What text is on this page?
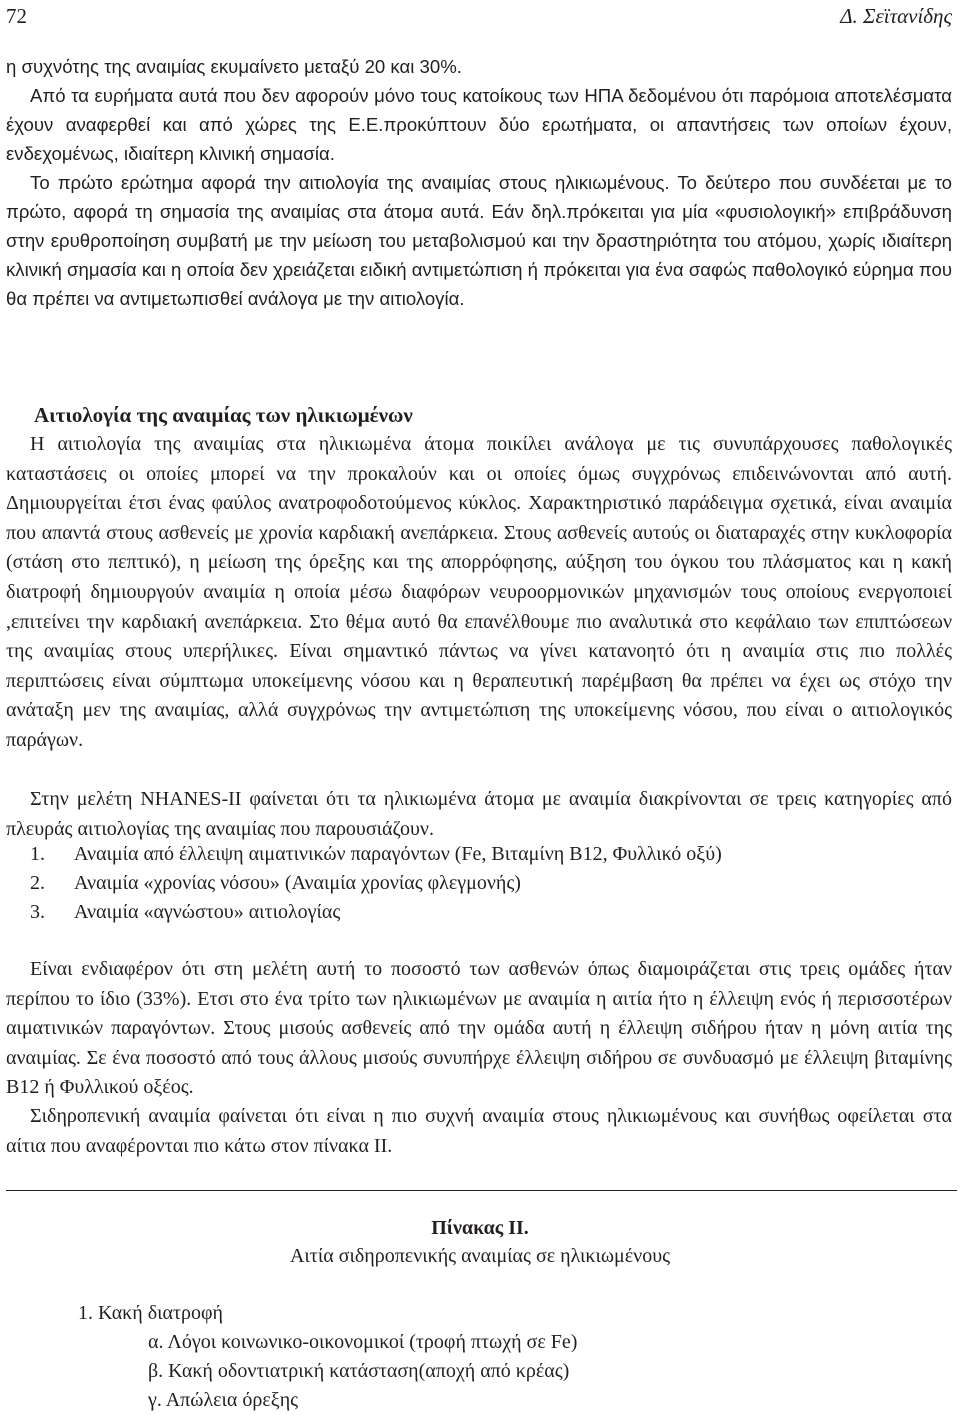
72	Δ. Σεϊτανίδης

η συχνότης της αναιμίας εκυμαίνετο μεταξύ 20 και 30%.

Από τα ευρήματα αυτά που δεν αφορούν μόνο τους κατοίκους των ΗΠΑ δεδομένου ότι παρόμοια αποτελέσματα έχουν αναφερθεί και από χώρες της Ε.Ε.προκύπτουν δύο ερωτήματα, οι απαντήσεις των οποίων έχουν, ενδεχομένως, ιδιαίτερη κλινική σημασία.

Το πρώτο ερώτημα αφορά την αιτιολογία της αναιμίας στους ηλικιωμένους. Το δεύτερο που συνδέεται με το πρώτο, αφορά τη σημασία της αναιμίας στα άτομα αυτά. Εάν δηλ.πρόκειται για μία «φυσιολογική» επιβράδυνση στην ερυθροποίηση συμβατή με την μείωση του μεταβολισμού και την δραστηριότητα του ατόμου, χωρίς ιδιαίτερη κλινική σημασία και η οποία δεν χρειάζεται ειδική αντιμετώπιση ή πρόκειται για ένα σαφώς παθολογικό εύρημα που θα πρέπει να αντιμετωπισθεί ανάλογα με την αιτιολογία.

Αιτιολογία της αναιμίας των ηλικιωμένων

Η αιτιολογία της αναιμίας στα ηλικιωμένα άτομα ποικίλει ανάλογα με τις συνυπάρχουσες παθολογικές καταστάσεις οι οποίες μπορεί να την προκαλούν και οι οποίες όμως συγχρόνως επιδεινώνονται από αυτή. Δημιουργείται έτσι ένας φαύλος ανατροφοδοτούμενος κύκλος. Χαρακτηριστικό παράδειγμα σχετικά, είναι αναιμία που απαντά στους ασθενείς με χρονία καρδιακή ανεπάρκεια. Στους ασθενείς αυτούς οι διαταραχές στην κυκλοφορία (στάση στο πεπτικό), η μείωση της όρεξης και της απορρόφησης, αύξηση του όγκου του πλάσματος και η κακή διατροφή δημιουργούν αναιμία η οποία μέσω διαφόρων νευροορμονικών μηχανισμών τους οποίους ενεργοποιεί ,επιτείνει την καρδιακή ανεπάρκεια. Στο θέμα αυτό θα επανέλθουμε πιο αναλυτικά στο κεφάλαιο των επιπτώσεων της αναιμίας στους υπερήλικες. Είναι σημαντικό πάντως να γίνει κατανοητό ότι η αναιμία στις πιο πολλές περιπτώσεις είναι σύμπτωμα υποκείμενης νόσου και η θεραπευτική παρέμβαση θα πρέπει να έχει ως στόχο την ανάταξη μεν της αναιμίας, αλλά συγχρόνως την αντιμετώπιση της υποκείμενης νόσου, που είναι ο αιτιολογικός παράγων.

Στην μελέτη NHANES-II φαίνεται ότι τα ηλικιωμένα άτομα με αναιμία διακρίνονται σε τρεις κατηγορίες από πλευράς αιτιολογίας της αναιμίας που παρουσιάζουν.

1.	Αναιμία από έλλειψη αιματινικών παραγόντων (Fe, Βιταμίνη Β12, Φυλλικό οξύ)
2.	Αναιμία «χρονίας νόσου» (Αναιμία χρονίας φλεγμονής)
3.	Αναιμία «αγνώστου» αιτιολογίας

Είναι ενδιαφέρον ότι στη μελέτη αυτή το ποσοστό των ασθενών όπως διαμοιράζεται στις τρεις ομάδες ήταν περίπου το ίδιο (33%). Ετσι στο ένα τρίτο των ηλικιωμένων με αναιμία η αιτία ήτο η έλλειψη ενός ή περισσοτέρων αιματινικών παραγόντων. Στους μισούς ασθενείς από την ομάδα αυτή η έλλειψη σιδήρου ήταν η μόνη αιτία της αναιμίας. Σε ένα ποσοστό από τους άλλους μισούς συνυπήρχε έλλειψη σιδήρου σε συνδυασμό με έλλειψη βιταμίνης Β12 ή Φυλλικού οξέος.

Σιδηροπενική αναιμία φαίνεται ότι είναι η πιο συχνή αναιμία στους ηλικιωμένους και συνήθως οφείλεται στα αίτια που αναφέρονται πιο κάτω στον πίνακα ΙΙ.

Πίνακας ΙΙ.

Αιτία σιδηροπενικής αναιμίας σε ηλικιωμένους

1. Κακή διατροφή
α. Λόγοι κοινωνικο-οικονομικοί (τροφή πτωχή σε Fe)
β. Κακή οδοντιατρική κατάσταση(αποχή από κρέας)
γ. Απώλεια όρεξης
